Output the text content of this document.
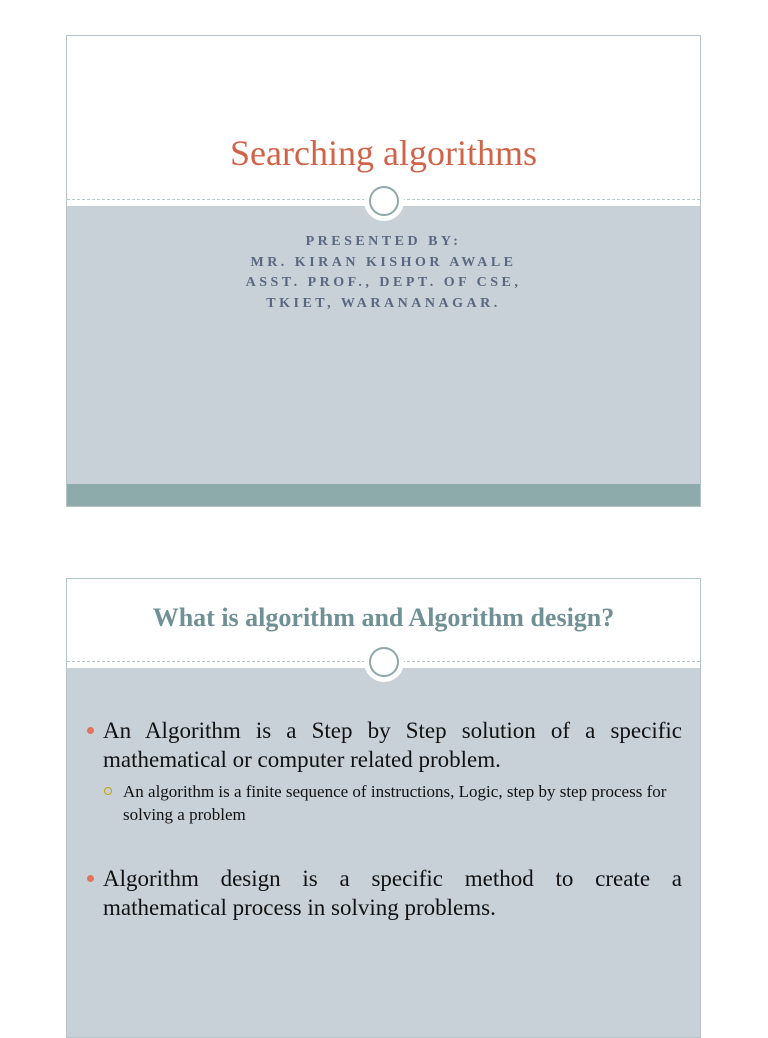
Searching algorithms
PRESENTED BY:
MR. KIRAN KISHOR AWALE
ASST. PROF., DEPT. OF CSE,
TKIET, WARANANAGAR.
What is algorithm and Algorithm design?
An Algorithm is a Step by Step solution of a specific mathematical or computer related problem.
An algorithm is a finite sequence of instructions, Logic, step by step process for solving a problem
Algorithm design is a specific method to create a mathematical process in solving problems.
